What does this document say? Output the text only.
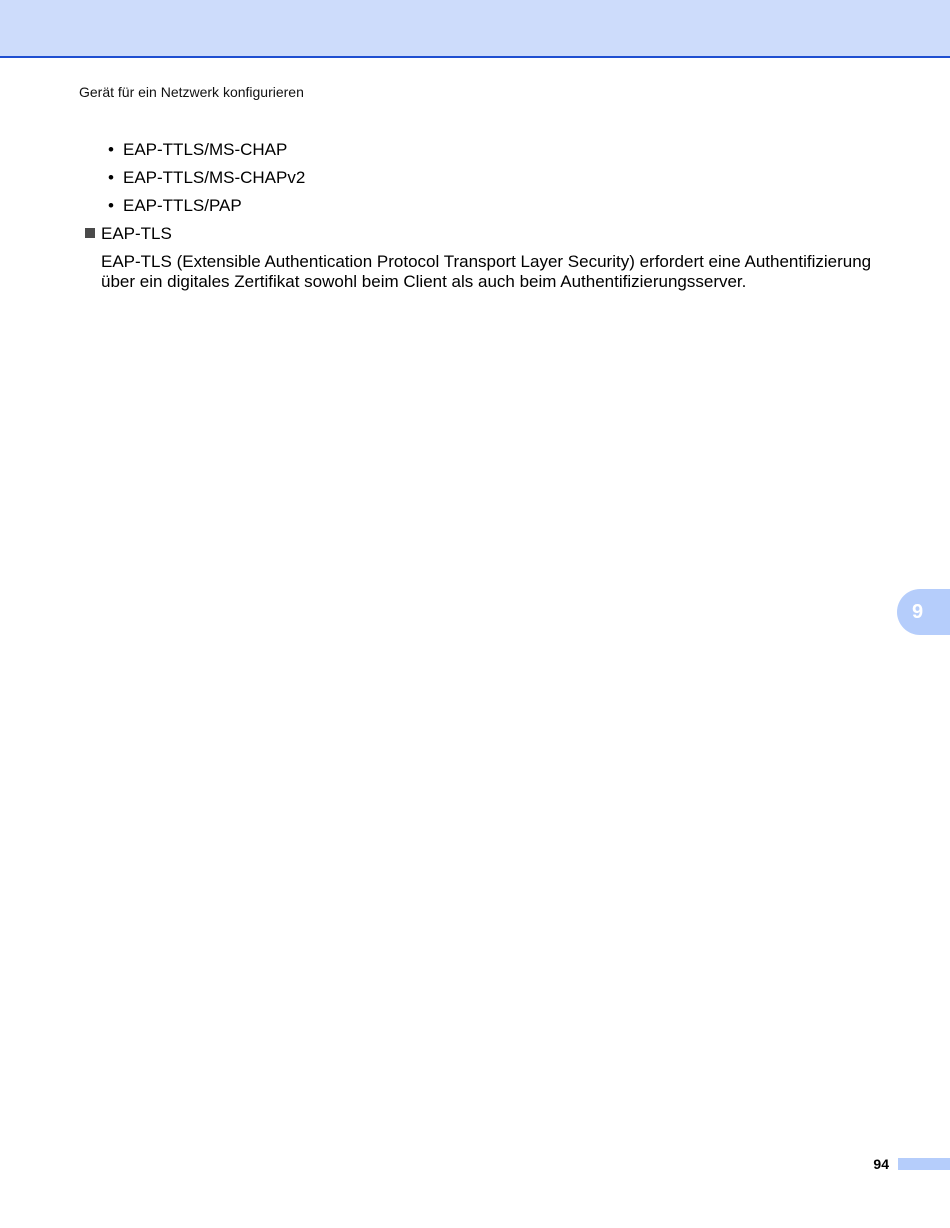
Gerät für ein Netzwerk konfigurieren
• EAP-TTLS/MS-CHAP
• EAP-TTLS/MS-CHAPv2
• EAP-TTLS/PAP
EAP-TLS
EAP-TLS (Extensible Authentication Protocol Transport Layer Security) erfordert eine Authentifizierung über ein digitales Zertifikat sowohl beim Client als auch beim Authentifizierungsserver.
9
94
